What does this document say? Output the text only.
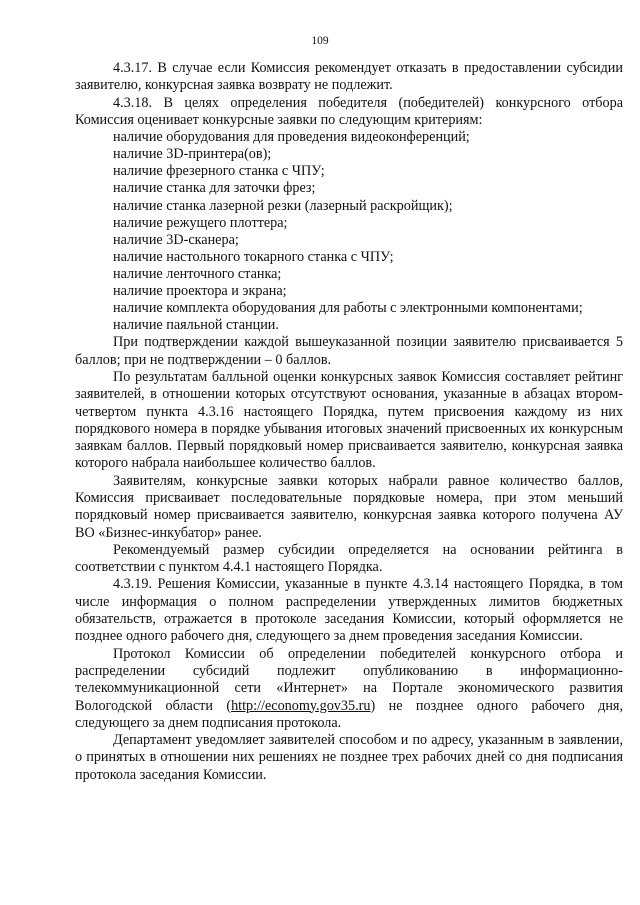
109

4.3.17. В случае если Комиссия рекомендует отказать в предоставлении субсидии заявителю, конкурсная заявка возврату не подлежит.

4.3.18. В целях определения победителя (победителей) конкурсного отбора Комиссия оценивает конкурсные заявки по следующим критериям:

наличие оборудования для проведения видеоконференций;
наличие 3D-принтера(ов);
наличие фрезерного станка с ЧПУ;
наличие станка для заточки фрез;
наличие станка лазерной резки (лазерный раскройщик);
наличие режущего плоттера;
наличие 3D-сканера;
наличие настольного токарного станка с ЧПУ;
наличие ленточного станка;
наличие проектора и экрана;
наличие комплекта оборудования для работы с электронными компонентами;
наличие паяльной станции.

При подтверждении каждой вышеуказанной позиции заявителю присваивается 5 баллов; при не подтверждении – 0 баллов.

По результатам балльной оценки конкурсных заявок Комиссия составляет рейтинг заявителей, в отношении которых отсутствуют основания, указанные в абзацах втором-четвертом пункта 4.3.16 настоящего Порядка, путем присвоения каждому из них порядкового номера в порядке убывания итоговых значений присвоенных их конкурсным заявкам баллов. Первый порядковый номер присваивается заявителю, конкурсная заявка которого набрала наибольшее количество баллов.

Заявителям, конкурсные заявки которых набрали равное количество баллов, Комиссия присваивает последовательные порядковые номера, при этом меньший порядковый номер присваивается заявителю, конкурсная заявка которого получена АУ ВО «Бизнес-инкубатор» ранее.

Рекомендуемый размер субсидии определяется на основании рейтинга в соответствии с пунктом 4.4.1 настоящего Порядка.

4.3.19. Решения Комиссии, указанные в пункте 4.3.14 настоящего Порядка, в том числе информация о полном распределении утвержденных лимитов бюджетных обязательств, отражается в протоколе заседания Комиссии, который оформляется не позднее одного рабочего дня, следующего за днем проведения заседания Комиссии.

Протокол Комиссии об определении победителей конкурсного отбора и распределении субсидий подлежит опубликованию в информационно-телекоммуникационной сети «Интернет» на Портале экономического развития Вологодской области (http://economy.gov35.ru) не позднее одного рабочего дня, следующего за днем подписания протокола.

Департамент уведомляет заявителей способом и по адресу, указанным в заявлении, о принятых в отношении них решениях не позднее трех рабочих дней со дня подписания протокола заседания Комиссии.
